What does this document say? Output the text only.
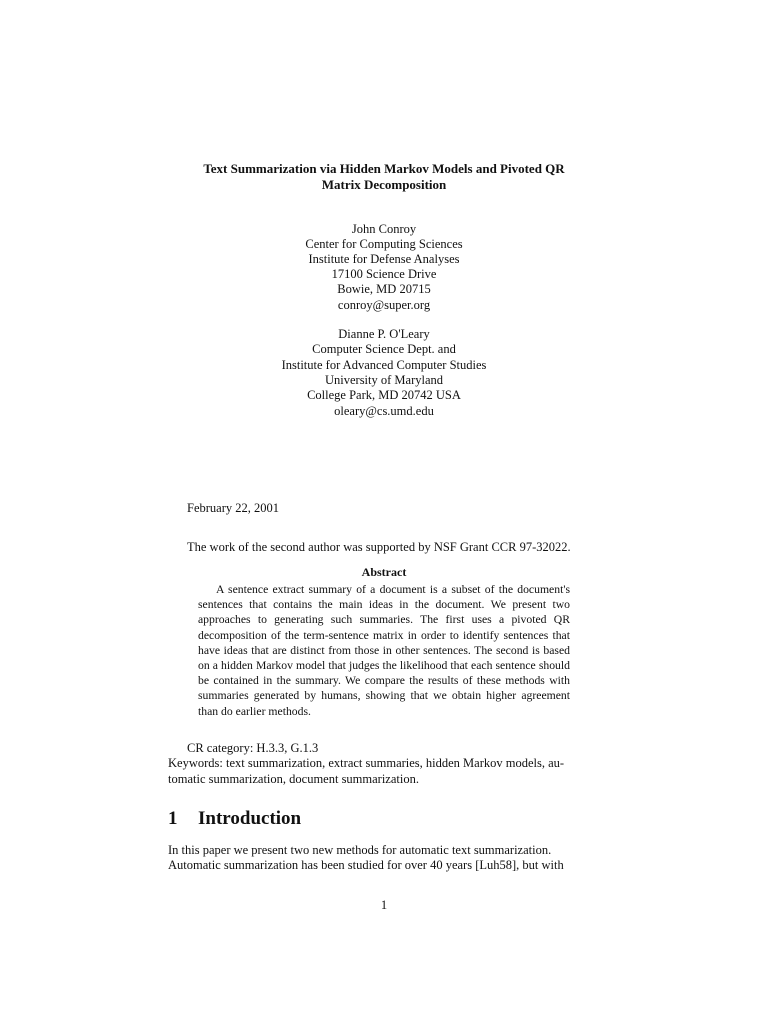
Text Summarization via Hidden Markov Models and Pivoted QR
Matrix Decomposition
John Conroy
Center for Computing Sciences
Institute for Defense Analyses
17100 Science Drive
Bowie, MD 20715
conroy@super.org
Dianne P. O'Leary
Computer Science Dept. and
Institute for Advanced Computer Studies
University of Maryland
College Park, MD 20742 USA
oleary@cs.umd.edu
February 22, 2001
The work of the second author was supported by NSF Grant CCR 97-32022.
Abstract
A sentence extract summary of a document is a subset of the document's sentences that contains the main ideas in the document. We present two approaches to generating such summaries. The first uses a pivoted QR decomposition of the term-sentence matrix in order to identify sentences that have ideas that are distinct from those in other sentences. The second is based on a hidden Markov model that judges the likelihood that each sentence should be contained in the summary. We compare the results of these methods with summaries generated by humans, showing that we obtain higher agreement than do earlier methods.
CR category: H.3.3, G.1.3
Keywords: text summarization, extract summaries, hidden Markov models, au-
tomatic summarization, document summarization.
1 Introduction
In this paper we present two new methods for automatic text summarization.
Automatic summarization has been studied for over 40 years [Luh58], but with
1
